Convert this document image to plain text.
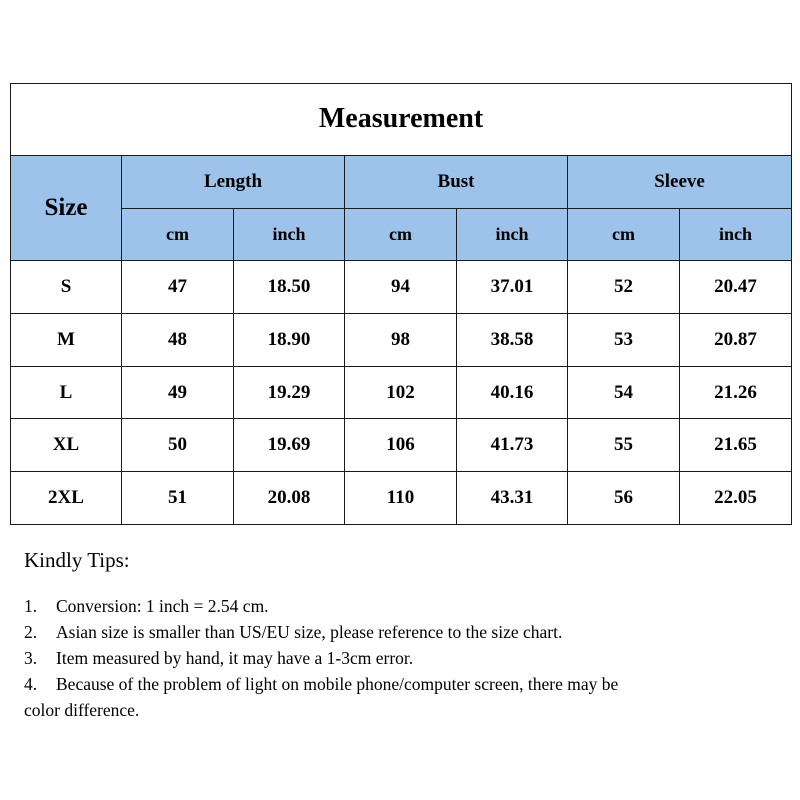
Measurement						
Size	Length		Bust		Sleeve	
	cm	inch	cm	inch	cm	inch
S	47	18.50	94	37.01	52	20.47
M	48	18.90	98	38.58	53	20.87
L	49	19.29	102	40.16	54	21.26
XL	50	19.69	106	41.73	55	21.65
2XL	51	20.08	110	43.31	56	22.05
Kindly Tips:
1.	Conversion: 1 inch = 2.54 cm.
2.	Asian size is smaller than US/EU size, please reference to the size chart.
3.	Item measured by hand, it may have a 1-3cm error.
4.	Because of the problem of light on mobile phone/computer screen, there may be
color difference.
